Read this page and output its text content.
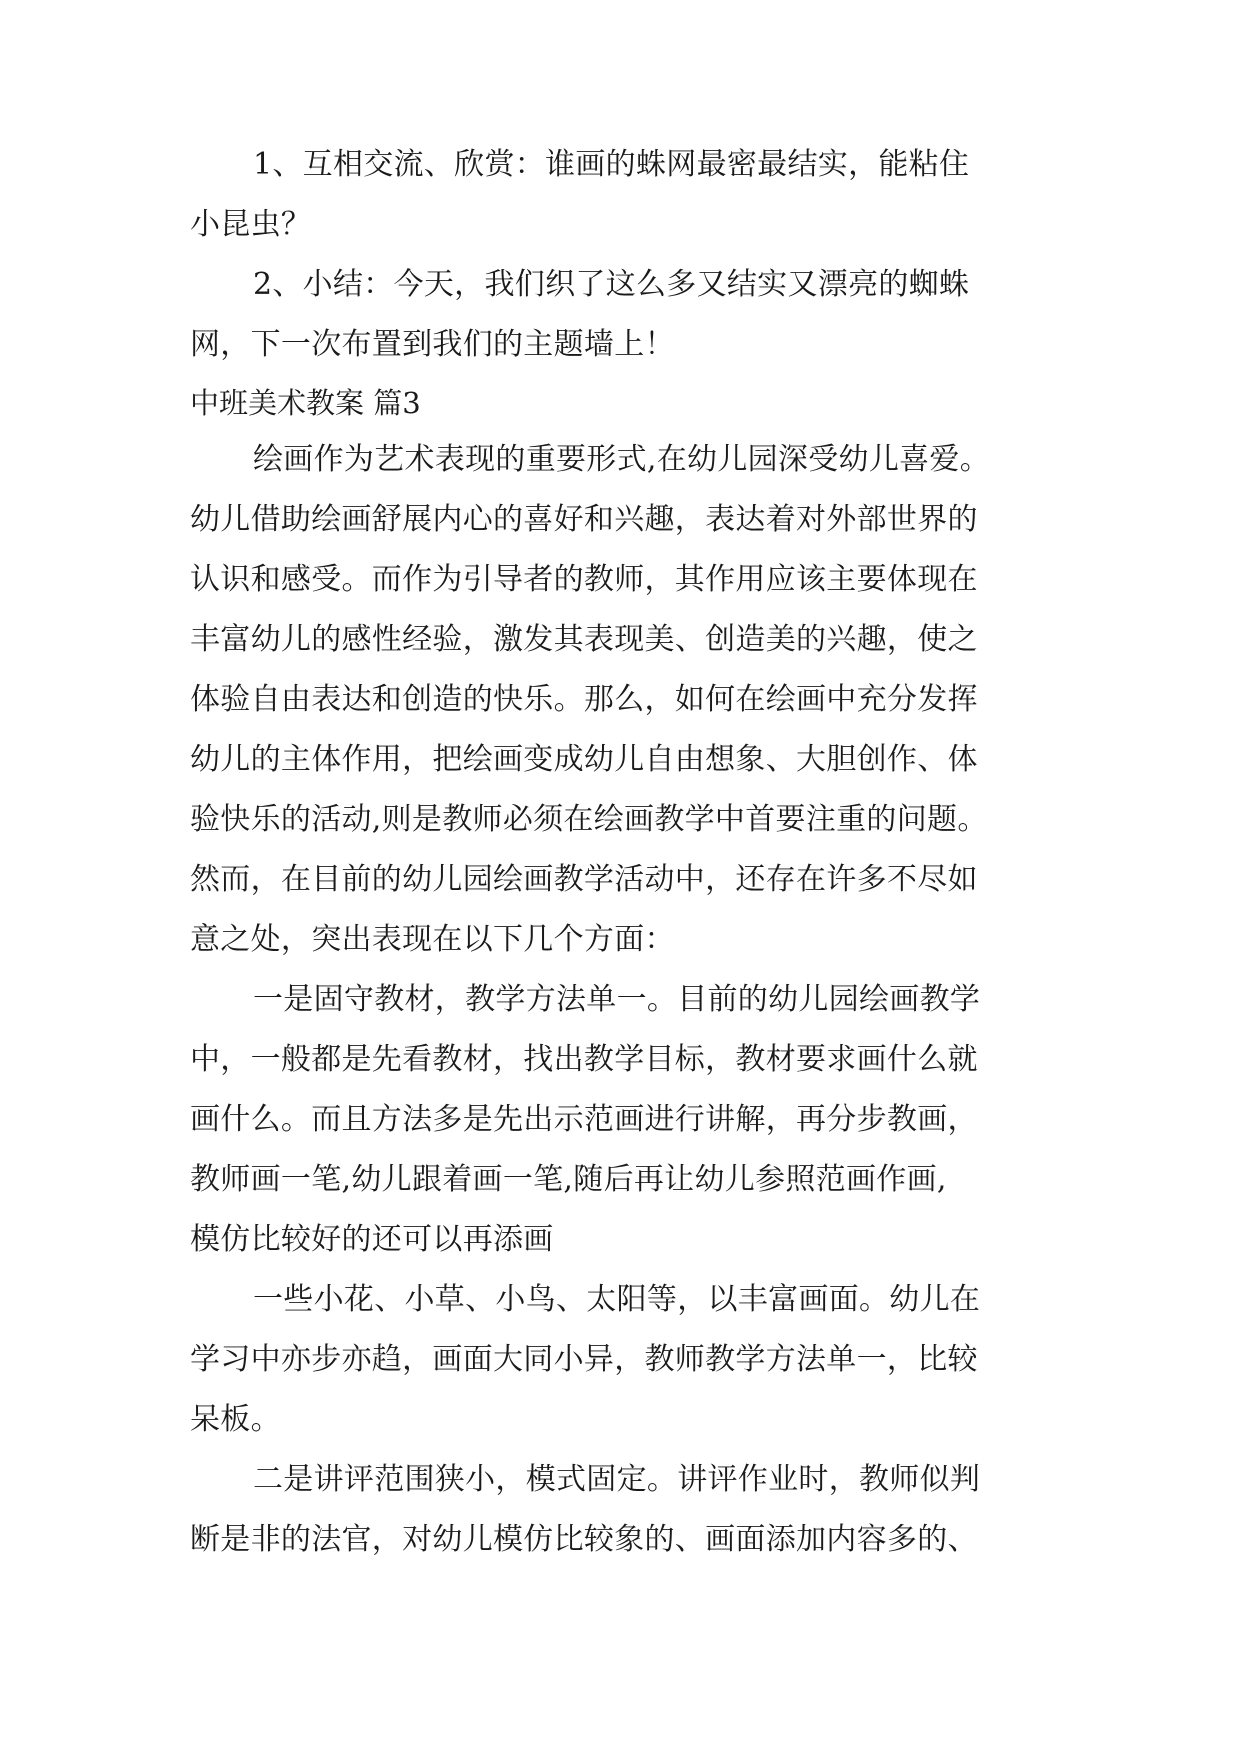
1、互相交流、欣赏：谁画的蛛网最密最结实，能粘住
小昆虫？
2、小结：今天，我们织了这么多又结实又漂亮的蜘蛛
网，下一次布置到我们的主题墙上！
中班美术教案 篇3
绘画作为艺术表现的重要形式,在幼儿园深受幼儿喜爱。
幼儿借助绘画舒展内心的喜好和兴趣，表达着对外部世界的
认识和感受。而作为引导者的教师，其作用应该主要体现在
丰富幼儿的感性经验，激发其表现美、创造美的兴趣，使之
体验自由表达和创造的快乐。那么，如何在绘画中充分发挥
幼儿的主体作用，把绘画变成幼儿自由想象、大胆创作、体
验快乐的活动,则是教师必须在绘画教学中首要注重的问题。
然而，在目前的幼儿园绘画教学活动中，还存在许多不尽如
意之处，突出表现在以下几个方面：
一是固守教材，教学方法单一。目前的幼儿园绘画教学
中，一般都是先看教材，找出教学目标，教材要求画什么就
画什么。而且方法多是先出示范画进行讲解，再分步教画，
教师画一笔,幼儿跟着画一笔,随后再让幼儿参照范画作画,
模仿比较好的还可以再添画
一些小花、小草、小鸟、太阳等，以丰富画面。幼儿在
学习中亦步亦趋，画面大同小异，教师教学方法单一，比较
呆板。
二是讲评范围狭小，模式固定。讲评作业时，教师似判
断是非的法官，对幼儿模仿比较象的、画面添加内容多的、
